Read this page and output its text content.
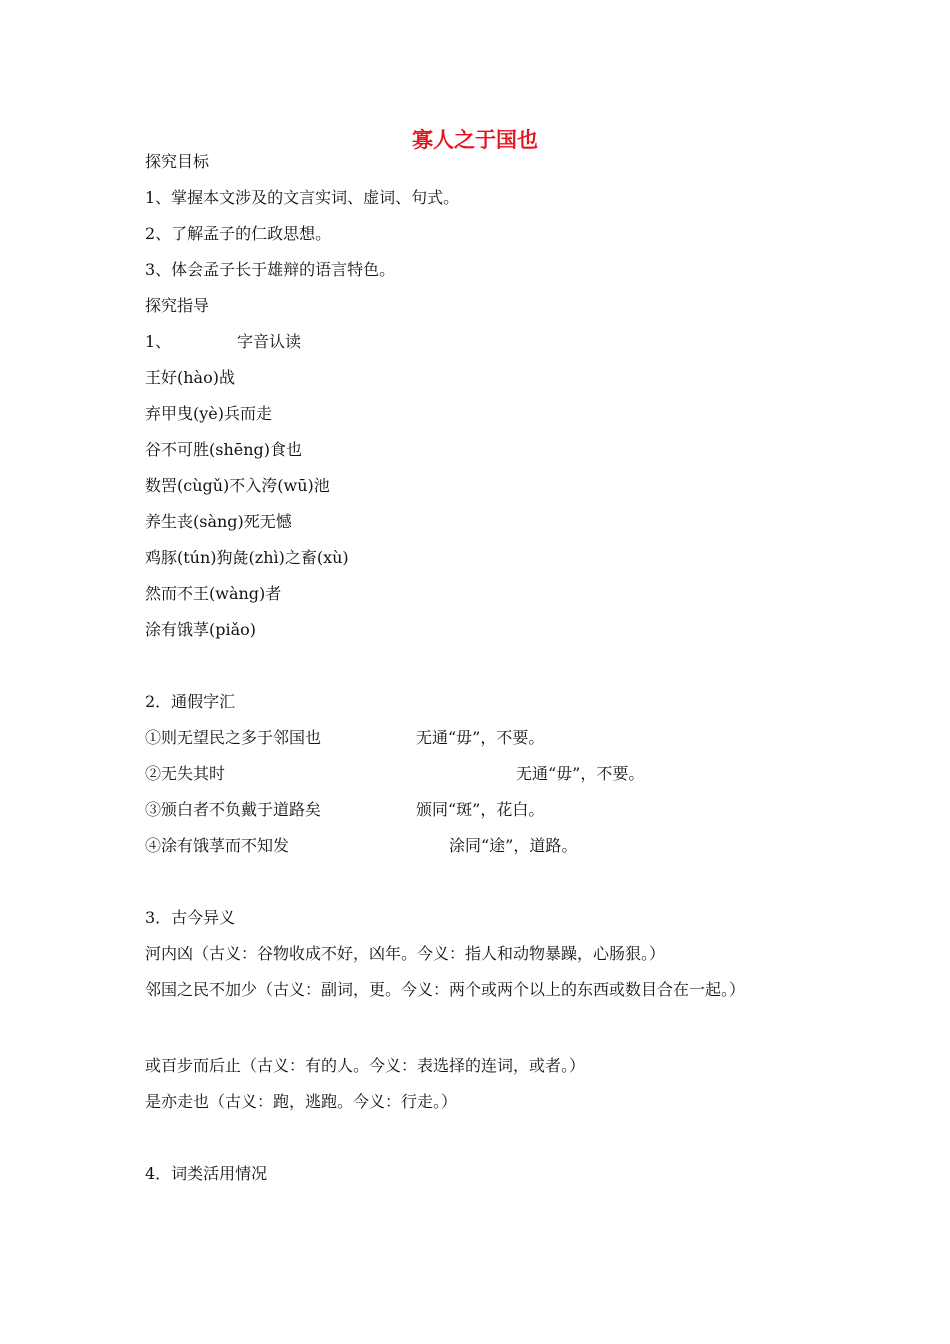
寡人之于国也
探究目标
1、掌握本文涉及的文言实词、虚词、句式。
2、了解孟子的仁政思想。
3、体会孟子长于雄辩的语言特色。
探究指导
1、	字音认读
王好(hào)战
弃甲曳(yè)兵而走
谷不可胜(shēng)食也
数罟(cùgǔ)不入洿(wū)池
养生丧(sàng)死无憾
鸡豚(tún)狗彘(zhì)之畜(xù)
然而不王(wàng)者
涂有饿莩(piǎo)
2．通假字汇
①则无望民之多于邻国也	无通“毋”，不要。
②无失其时	无通“毋”，不要。
③颁白者不负戴于道路矣	颁同“斑”，花白。
④涂有饿莩而不知发	涂同“途”，道路。
3．古今异义
河内凶（古义：谷物收成不好，凶年。今义：指人和动物暴躁，心肠狠。）
邻国之民不加少（古义：副词，更。今义：两个或两个以上的东西或数目合在一起。）
或百步而后止（古义：有的人。今义：表选择的连词，或者。）
是亦走也（古义：跑，逃跑。今义：行走。）
4．词类活用情况
